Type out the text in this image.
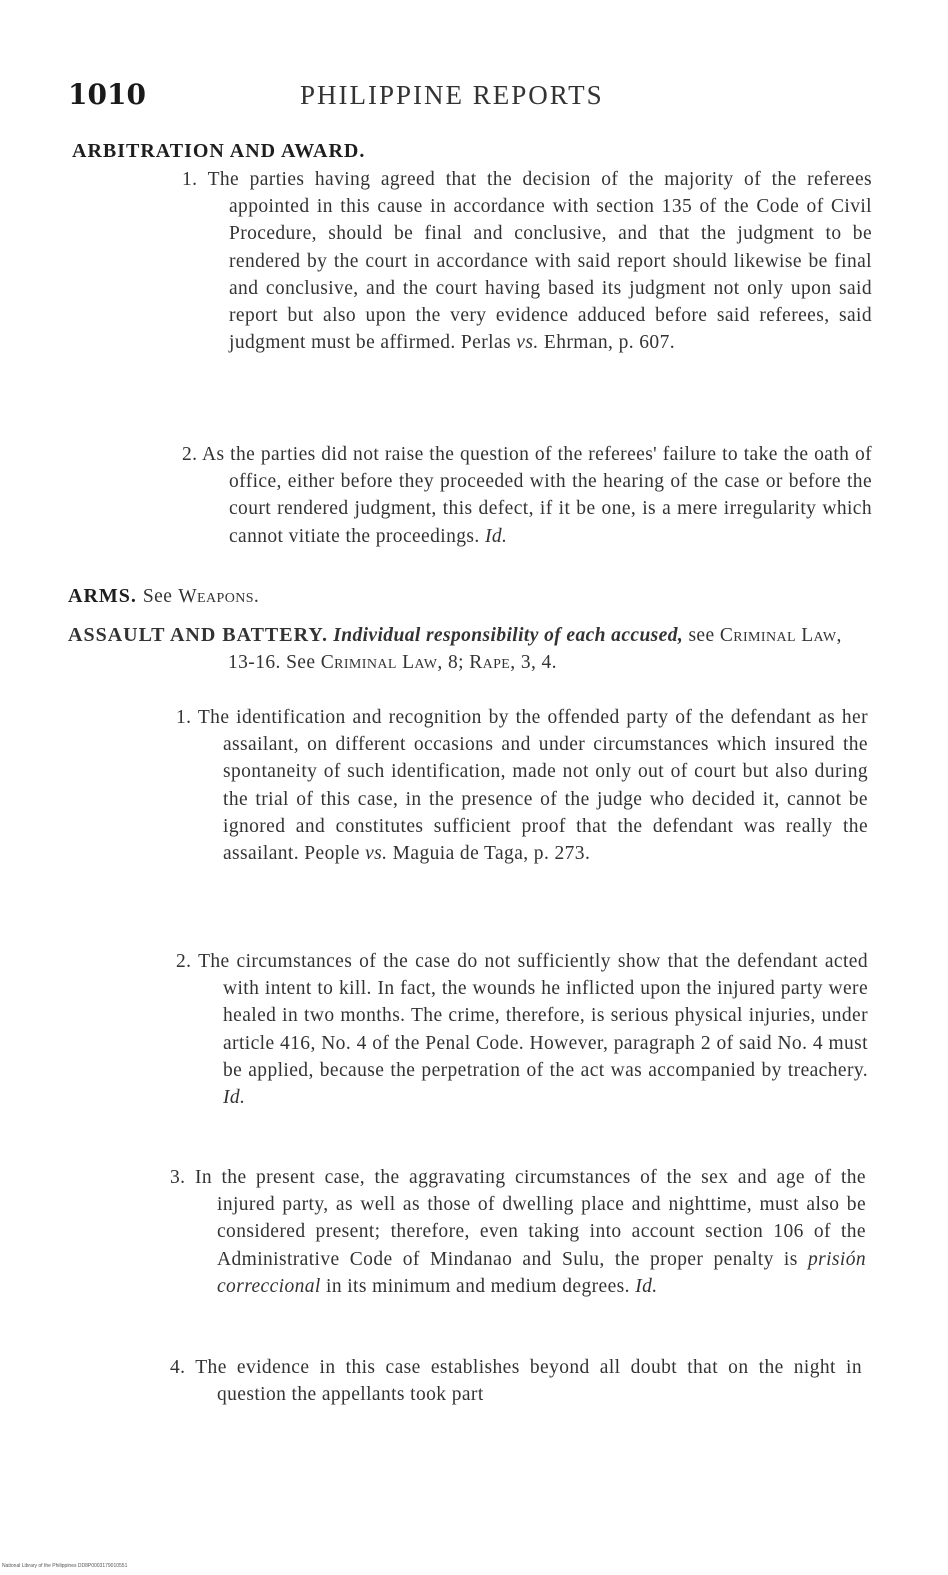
1010	PHILIPPINE REPORTS
ARBITRATION AND AWARD.
1. The parties having agreed that the decision of the majority of the referees appointed in this cause in accordance with section 135 of the Code of Civil Procedure, should be final and conclusive, and that the judgment to be rendered by the court in accordance with said report should likewise be final and conclusive, and the court having based its judgment not only upon said report but also upon the very evidence adduced before said referees, said judgment must be affirmed. Perlas vs. Ehrman, p. 607.
2. As the parties did not raise the question of the referees' failure to take the oath of office, either before they proceeded with the hearing of the case or before the court rendered judgment, this defect, if it be one, is a mere irregularity which cannot vitiate the proceedings. Id.
ARMS. See Weapons.
ASSAULT AND BATTERY. Individual responsibility of each accused, see Criminal Law, 13-16. See Criminal Law, 8; Rape, 3, 4.
1. The identification and recognition by the offended party of the defendant as her assailant, on different occasions and under circumstances which insured the spontaneity of such identification, made not only out of court but also during the trial of this case, in the presence of the judge who decided it, cannot be ignored and constitutes sufficient proof that the defendant was really the assailant. People vs. Maguia de Taga, p. 273.
2. The circumstances of the case do not sufficiently show that the defendant acted with intent to kill. In fact, the wounds he inflicted upon the injured party were healed in two months. The crime, therefore, is serious physical injuries, under article 416, No. 4 of the Penal Code. However, paragraph 2 of said No. 4 must be applied, because the perpetration of the act was accompanied by treachery. Id.
3. In the present case, the aggravating circumstances of the sex and age of the injured party, as well as those of dwelling place and nighttime, must also be considered present; therefore, even taking into account section 106 of the Administrative Code of Mindanao and Sulu, the proper penalty is prisión correccional in its minimum and medium degrees. Id.
4. The evidence in this case establishes beyond all doubt that on the night in question the appellants took part
National Library of the Philippines DD8P0003179010551
